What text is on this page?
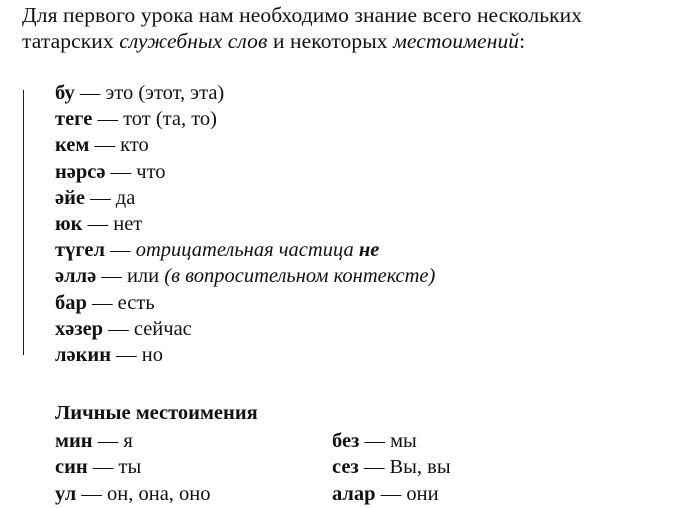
Для первого урока нам необходимо знание всего нескольких

татарских служебных слов и некоторых местоимений:

бу — это (этот, эта)
теге — тот (та, то)
кем — кто
нәрсә — что
әйе — да
юк — нет
түгел — отрицательная частица не
әллә — или (в вопросительном контексте)
бар — есть
хәзер — сейчас
ләкин — но
Личные местоимения
мин — я
син — ты
ул — он, она, оно
без — мы
сез — Вы, вы
алар — они
